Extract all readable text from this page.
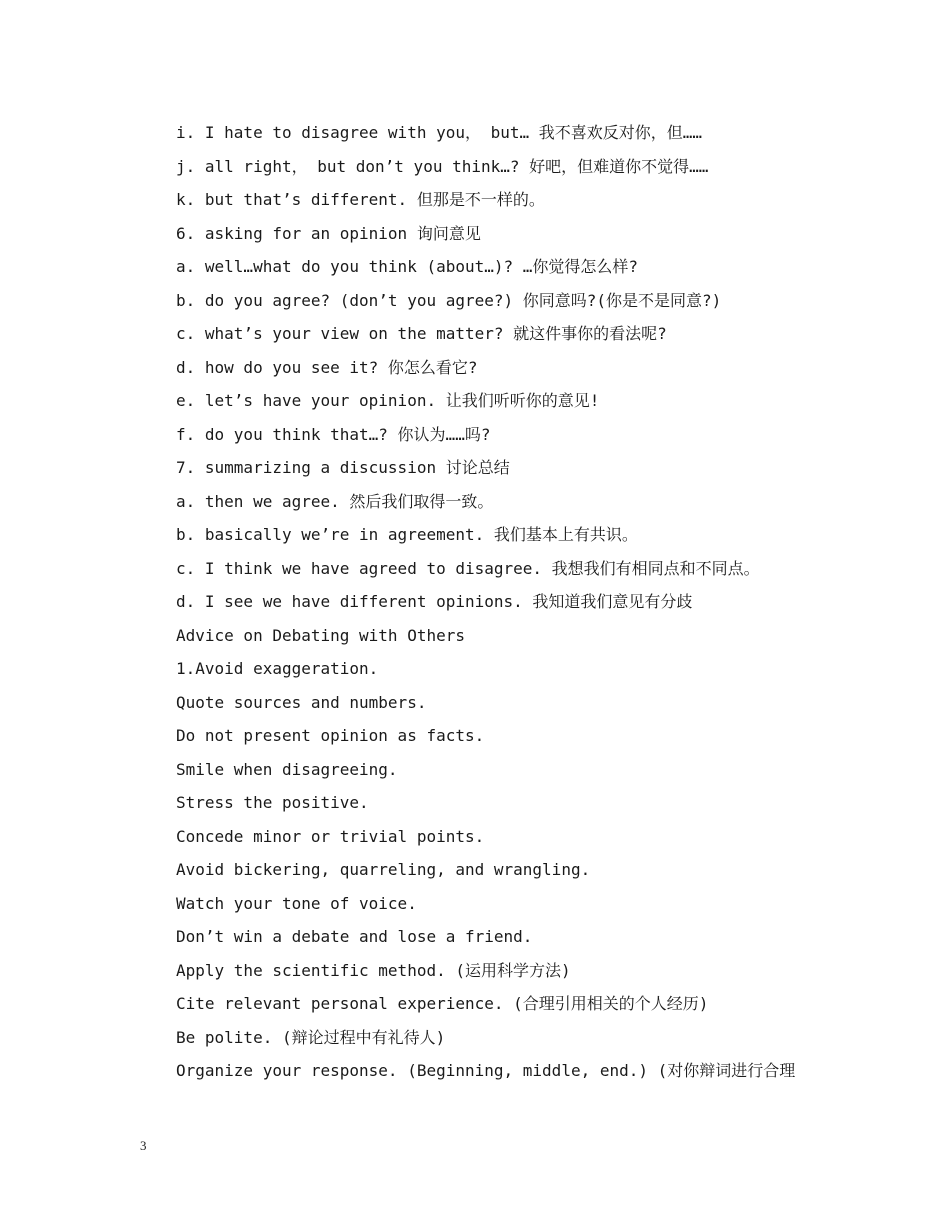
i. I hate to disagree with you， but… 我不喜欢反对你，但……
j. all right， but don’t you think…? 好吧，但难道你不觉得……
k. but that’s different. 但那是不一样的。
6. asking for an opinion 询问意见
a. well…what do you think (about…)? …你觉得怎么样?
b. do you agree? (don’t you agree?) 你同意吗?(你是不是同意?)
c. what’s your view on the matter? 就这件事你的看法呢?
d. how do you see it? 你怎么看它?
e. let’s have your opinion. 让我们听听你的意见!
f. do you think that…? 你认为……吗?
7. summarizing a discussion 讨论总结
a. then we agree. 然后我们取得一致。
b. basically we’re in agreement. 我们基本上有共识。
c. I think we have agreed to disagree. 我想我们有相同点和不同点。
d. I see we have different opinions. 我知道我们意见有分歧
Advice on Debating with Others
1.Avoid exaggeration.
Quote sources and numbers.
Do not present opinion as facts.
Smile when disagreeing.
Stress the positive.
Concede minor or trivial points.
Avoid bickering, quarreling, and wrangling.
Watch your tone of voice.
Don’t win a debate and lose a friend.
Apply the scientific method. (运用科学方法)
Cite relevant personal experience. (合理引用相关的个人经历)
Be polite. (辩论过程中有礼待人)
Organize your response. (Beginning, middle, end.) (对你辩词进行合理
3
